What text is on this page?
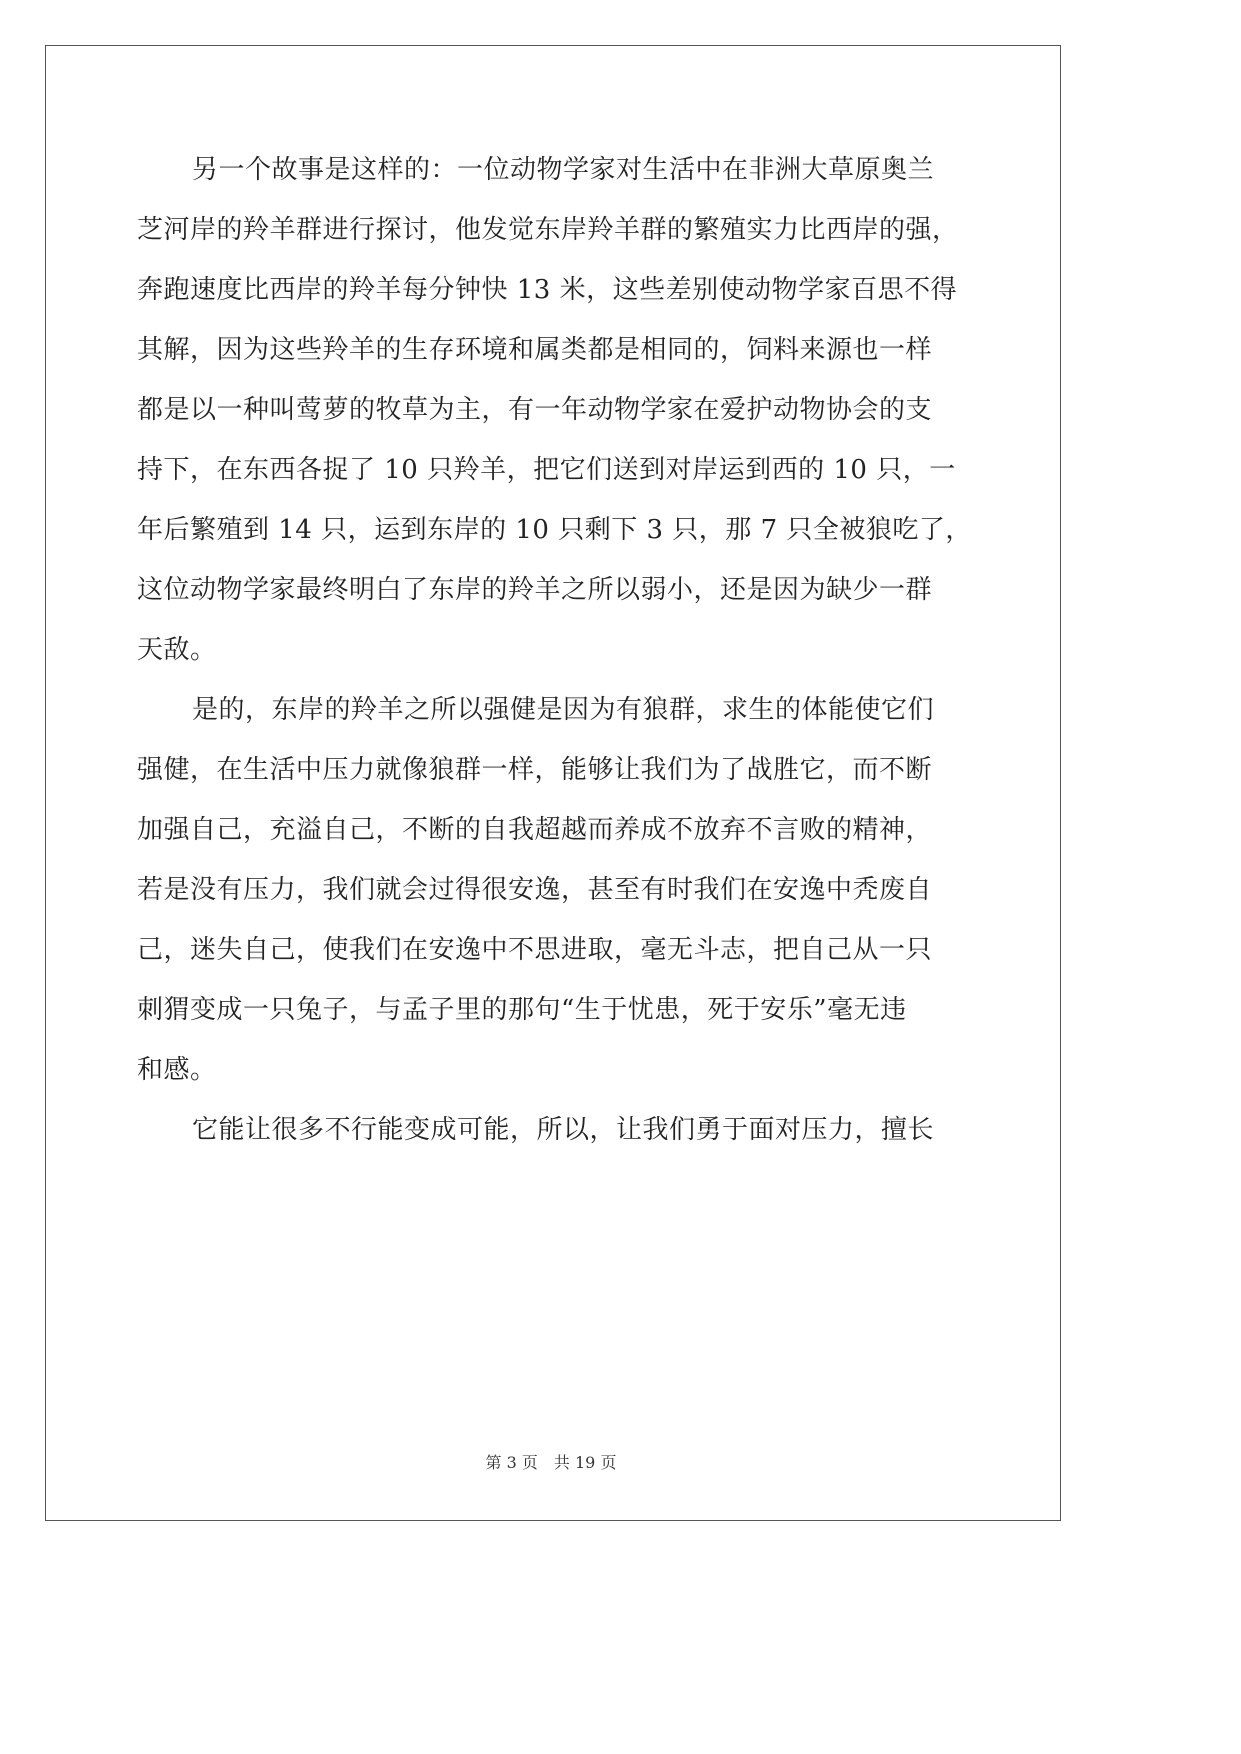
另一个故事是这样的：一位动物学家对生活中在非洲大草原奥兰
芝河岸的羚羊群进行探讨，他发觉东岸羚羊群的繁殖实力比西岸的强，
奔跑速度比西岸的羚羊每分钟快 13 米，这些差别使动物学家百思不得
其解，因为这些羚羊的生存环境和属类都是相同的，饲料来源也一样
都是以一种叫莺萝的牧草为主，有一年动物学家在爱护动物协会的支
持下，在东西各捉了 10 只羚羊，把它们送到对岸运到西的 10 只，一
年后繁殖到 14 只，运到东岸的 10 只剩下 3 只，那 7 只全被狼吃了，
这位动物学家最终明白了东岸的羚羊之所以弱小，还是因为缺少一群
天敌。
是的，东岸的羚羊之所以强健是因为有狼群，求生的体能使它们
强健，在生活中压力就像狼群一样，能够让我们为了战胜它，而不断
加强自己，充溢自己，不断的自我超越而养成不放弃不言败的精神，
若是没有压力，我们就会过得很安逸，甚至有时我们在安逸中秃废自
己，迷失自己，使我们在安逸中不思进取，毫无斗志，把自己从一只
刺猬变成一只兔子，与孟子里的那句“生于忧患，死于安乐”毫无违
和感。
它能让很多不行能变成可能，所以，让我们勇于面对压力，擅长
第 3 页 共 19 页
